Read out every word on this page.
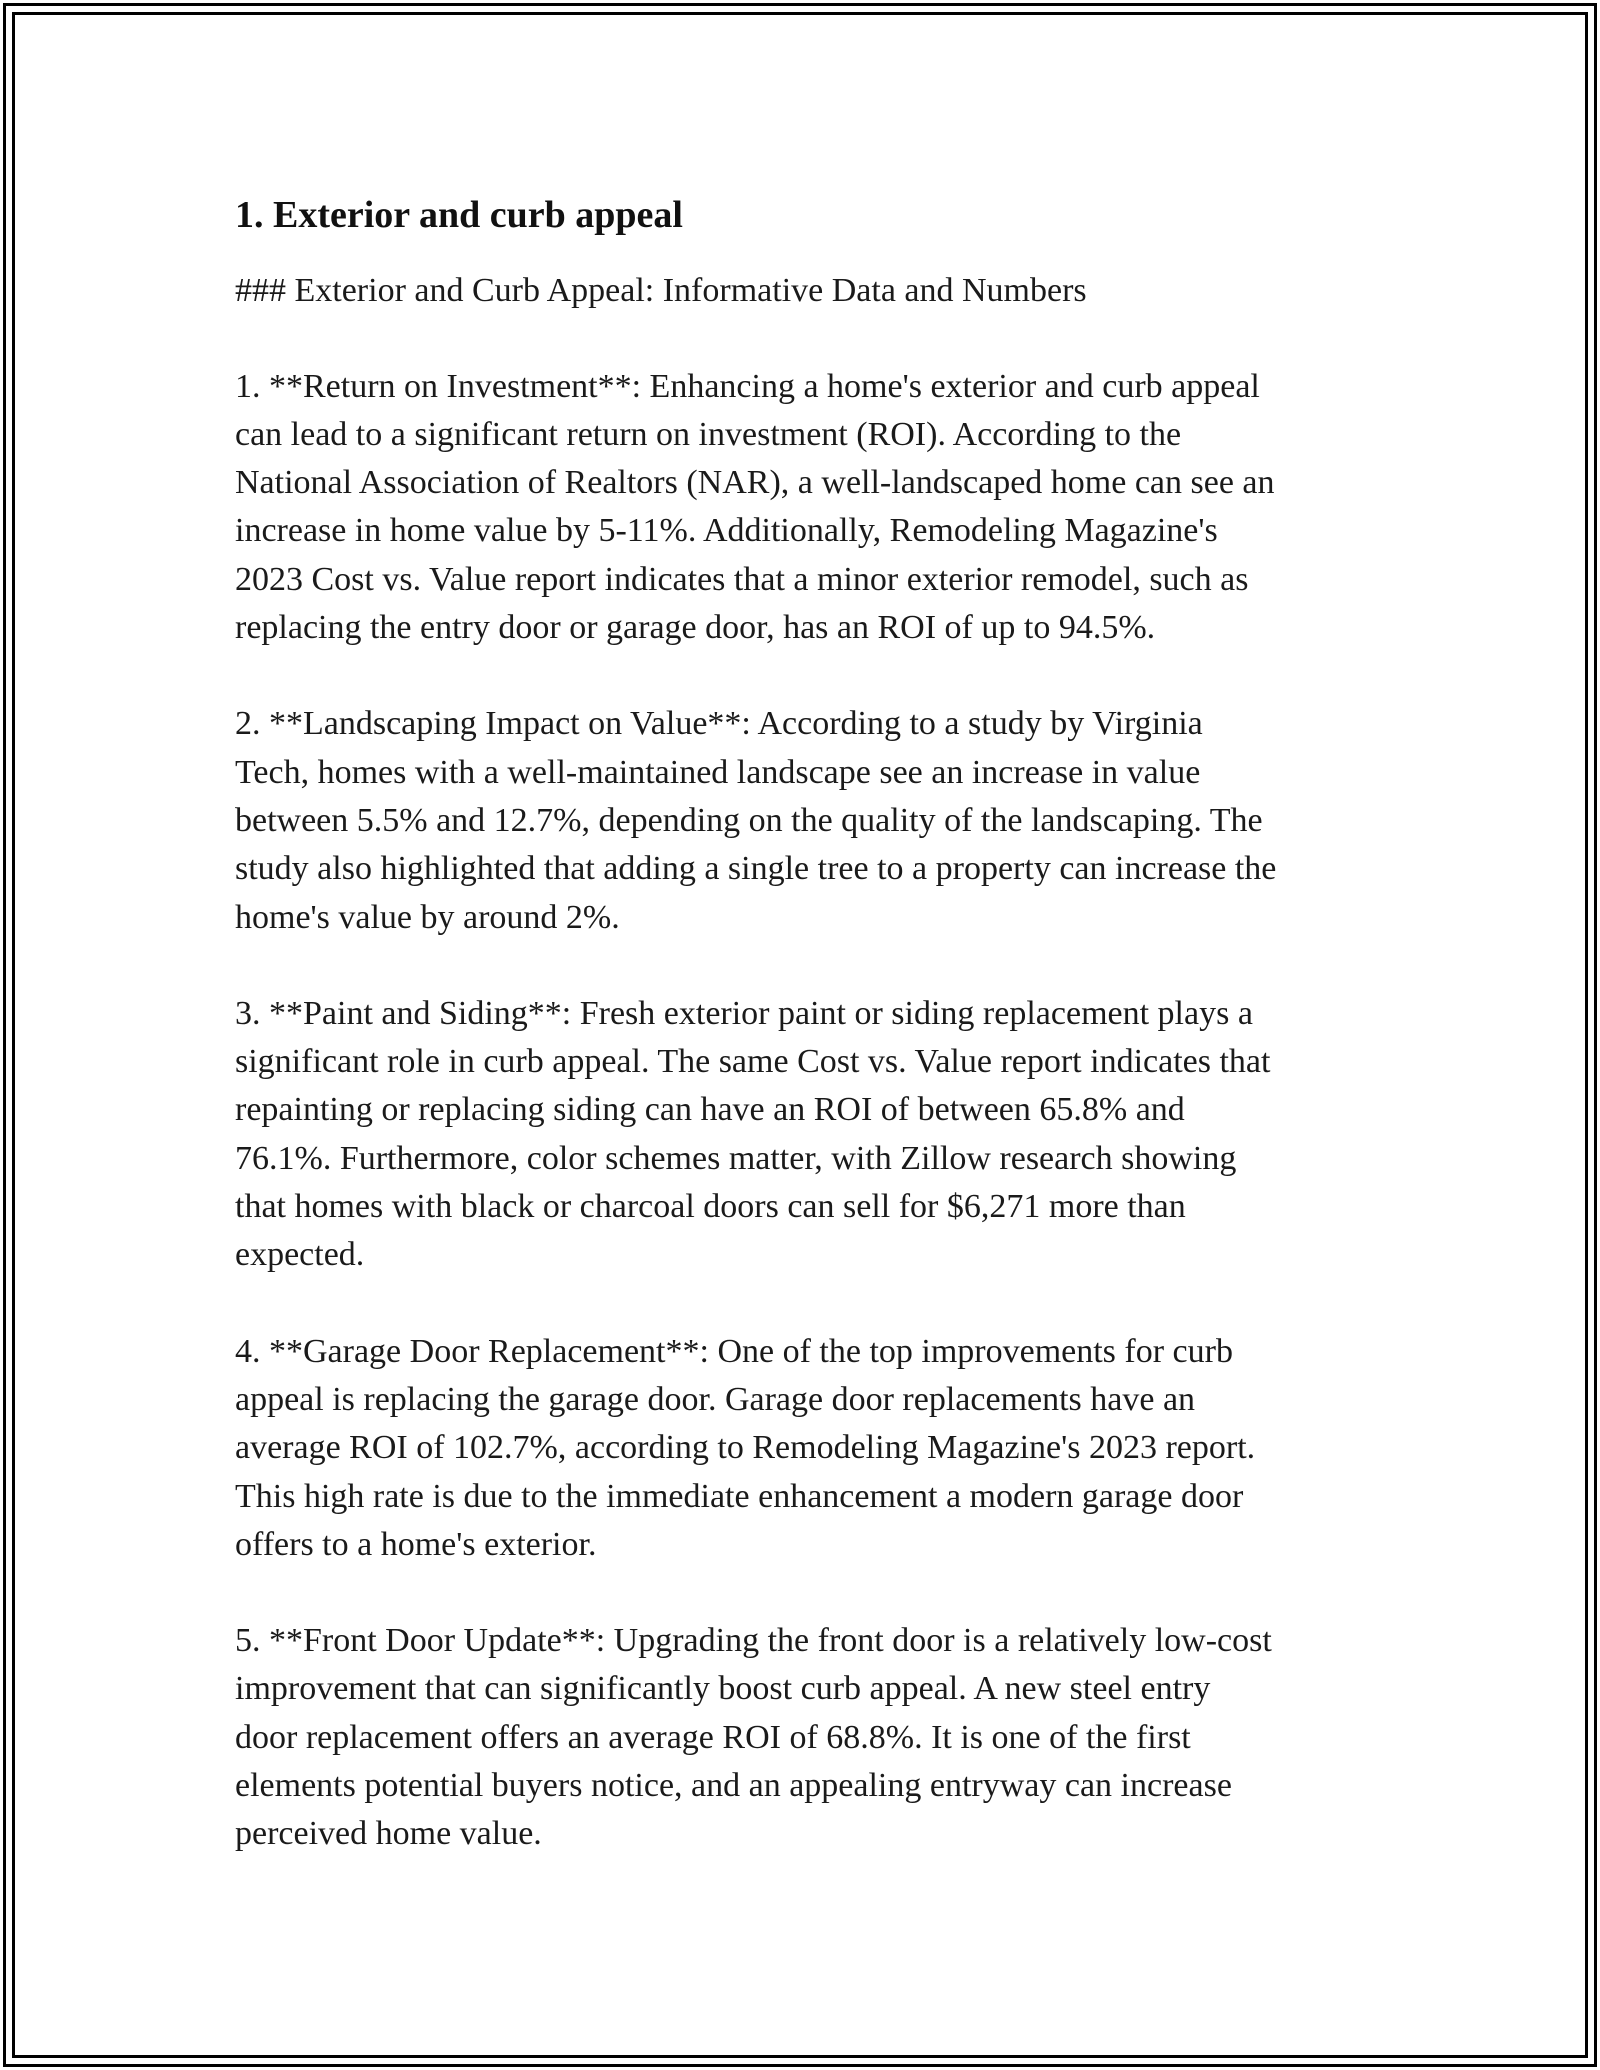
1. Exterior and curb appeal

### Exterior and Curb Appeal: Informative Data and Numbers

1. **Return on Investment**: Enhancing a home's exterior and curb appeal
can lead to a significant return on investment (ROI). According to the
National Association of Realtors (NAR), a well-landscaped home can see an
increase in home value by 5-11%. Additionally, Remodeling Magazine's
2023 Cost vs. Value report indicates that a minor exterior remodel, such as
replacing the entry door or garage door, has an ROI of up to 94.5%.

2. **Landscaping Impact on Value**: According to a study by Virginia
Tech, homes with a well-maintained landscape see an increase in value
between 5.5% and 12.7%, depending on the quality of the landscaping. The
study also highlighted that adding a single tree to a property can increase the
home's value by around 2%.

3. **Paint and Siding**: Fresh exterior paint or siding replacement plays a
significant role in curb appeal. The same Cost vs. Value report indicates that
repainting or replacing siding can have an ROI of between 65.8% and
76.1%. Furthermore, color schemes matter, with Zillow research showing
that homes with black or charcoal doors can sell for $6,271 more than
expected.

4. **Garage Door Replacement**: One of the top improvements for curb
appeal is replacing the garage door. Garage door replacements have an
average ROI of 102.7%, according to Remodeling Magazine's 2023 report.
This high rate is due to the immediate enhancement a modern garage door
offers to a home's exterior.

5. **Front Door Update**: Upgrading the front door is a relatively low-cost
improvement that can significantly boost curb appeal. A new steel entry
door replacement offers an average ROI of 68.8%. It is one of the first
elements potential buyers notice, and an appealing entryway can increase
perceived home value.
